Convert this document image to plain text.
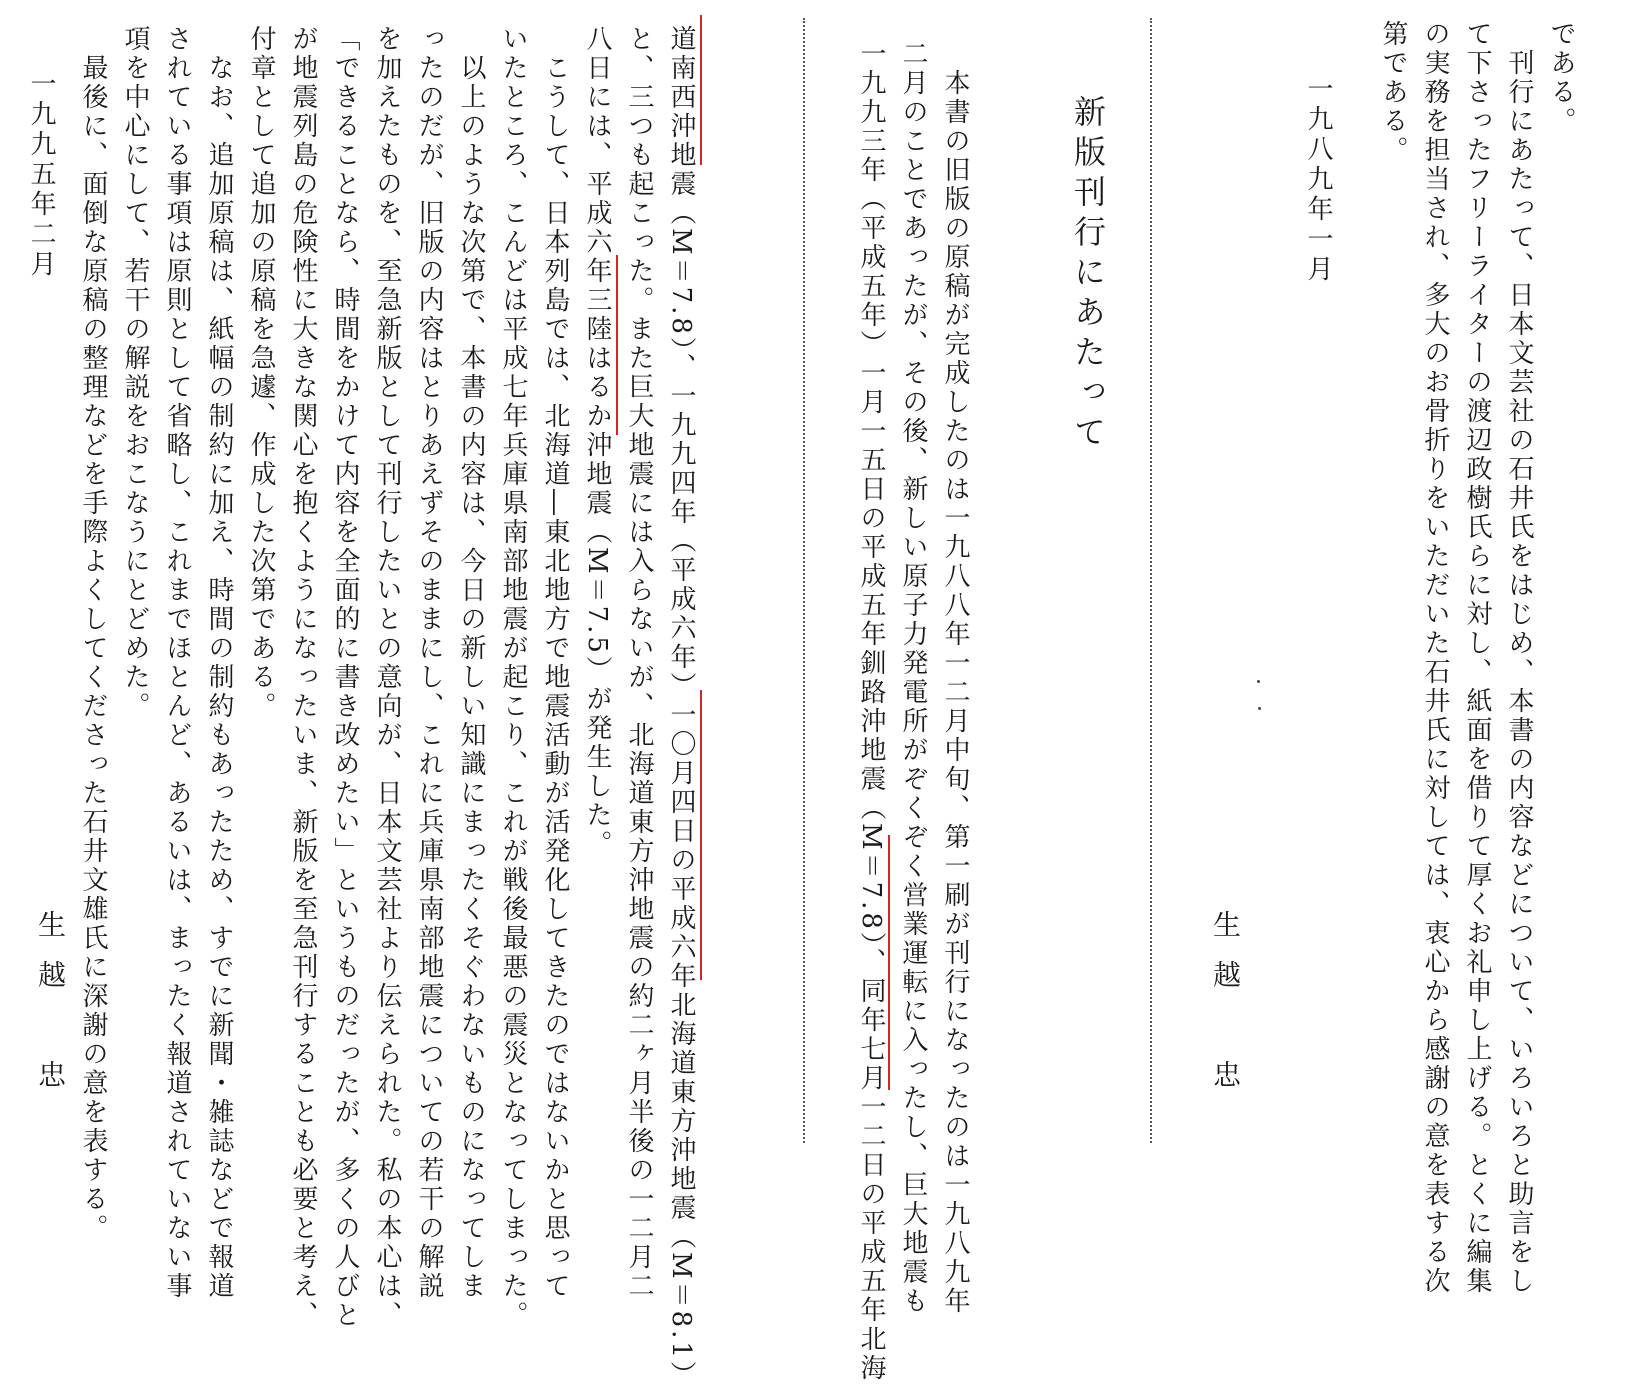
である。
　刊行にあたって、日本文芸社の石井氏をはじめ、本書の内容などについて、いろいろと助言をし
て下さったフリーライターの渡辺政樹氏らに対し、紙面を借りて厚くお礼申し上げる。とくに編集
の実務を担当され、多大のお骨折りをいただいた石井氏に対しては、衷心から感謝の意を表する次
第である。
一九八九年一月
生越　忠
新版刊行にあたって
　本書の旧版の原稿が完成したのは一九八八年一二月中旬、第一刷が刊行になったのは一九八九年
二月のことであったが、その後、新しい原子力発電所がぞくぞく営業運転に入ったし、巨大地震も
一九九三年（平成五年）一月一五日の平成五年釧路沖地震（M＝7.8）、同年七月一二日の平成五年北海
道南西沖地震（M＝7.8）、一九九四年（平成六年）一〇月四日の平成六年北海道東方沖地震（M＝8.1）
と、三つも起こった。また巨大地震には入らないが、北海道東方沖地震の約二ヶ月半後の一二月二
八日には、平成六年三陸はるか沖地震（M＝7.5）が発生した。
　こうして、日本列島では、北海道―東北地方で地震活動が活発化してきたのではないかと思って
いたところ、こんどは平成七年兵庫県南部地震が起こり、これが戦後最悪の震災となってしまった。
　以上のような次第で、本書の内容は、今日の新しい知識にまったくそぐわないものになってしま
ったのだが、旧版の内容はとりあえずそのままにし、これに兵庫県南部地震についての若干の解説
を加えたものを、至急新版として刊行したいとの意向が、日本文芸社より伝えられた。私の本心は、
「できることなら、時間をかけて内容を全面的に書き改めたい」というものだったが、多くの人びと
が地震列島の危険性に大きな関心を抱くようになったいま、新版を至急刊行することも必要と考え、
付章として追加の原稿を急遽、作成した次第である。
　なお、追加原稿は、紙幅の制約に加え、時間の制約もあったため、すでに新聞・雑誌などで報道
されている事項は原則として省略し、これまでほとんど、あるいは、まったく報道されていない事
項を中心にして、若干の解説をおこなうにとどめた。
　最後に、面倒な原稿の整理などを手際よくしてくださった石井文雄氏に深謝の意を表する。
一九九五年二月
生越　忠
